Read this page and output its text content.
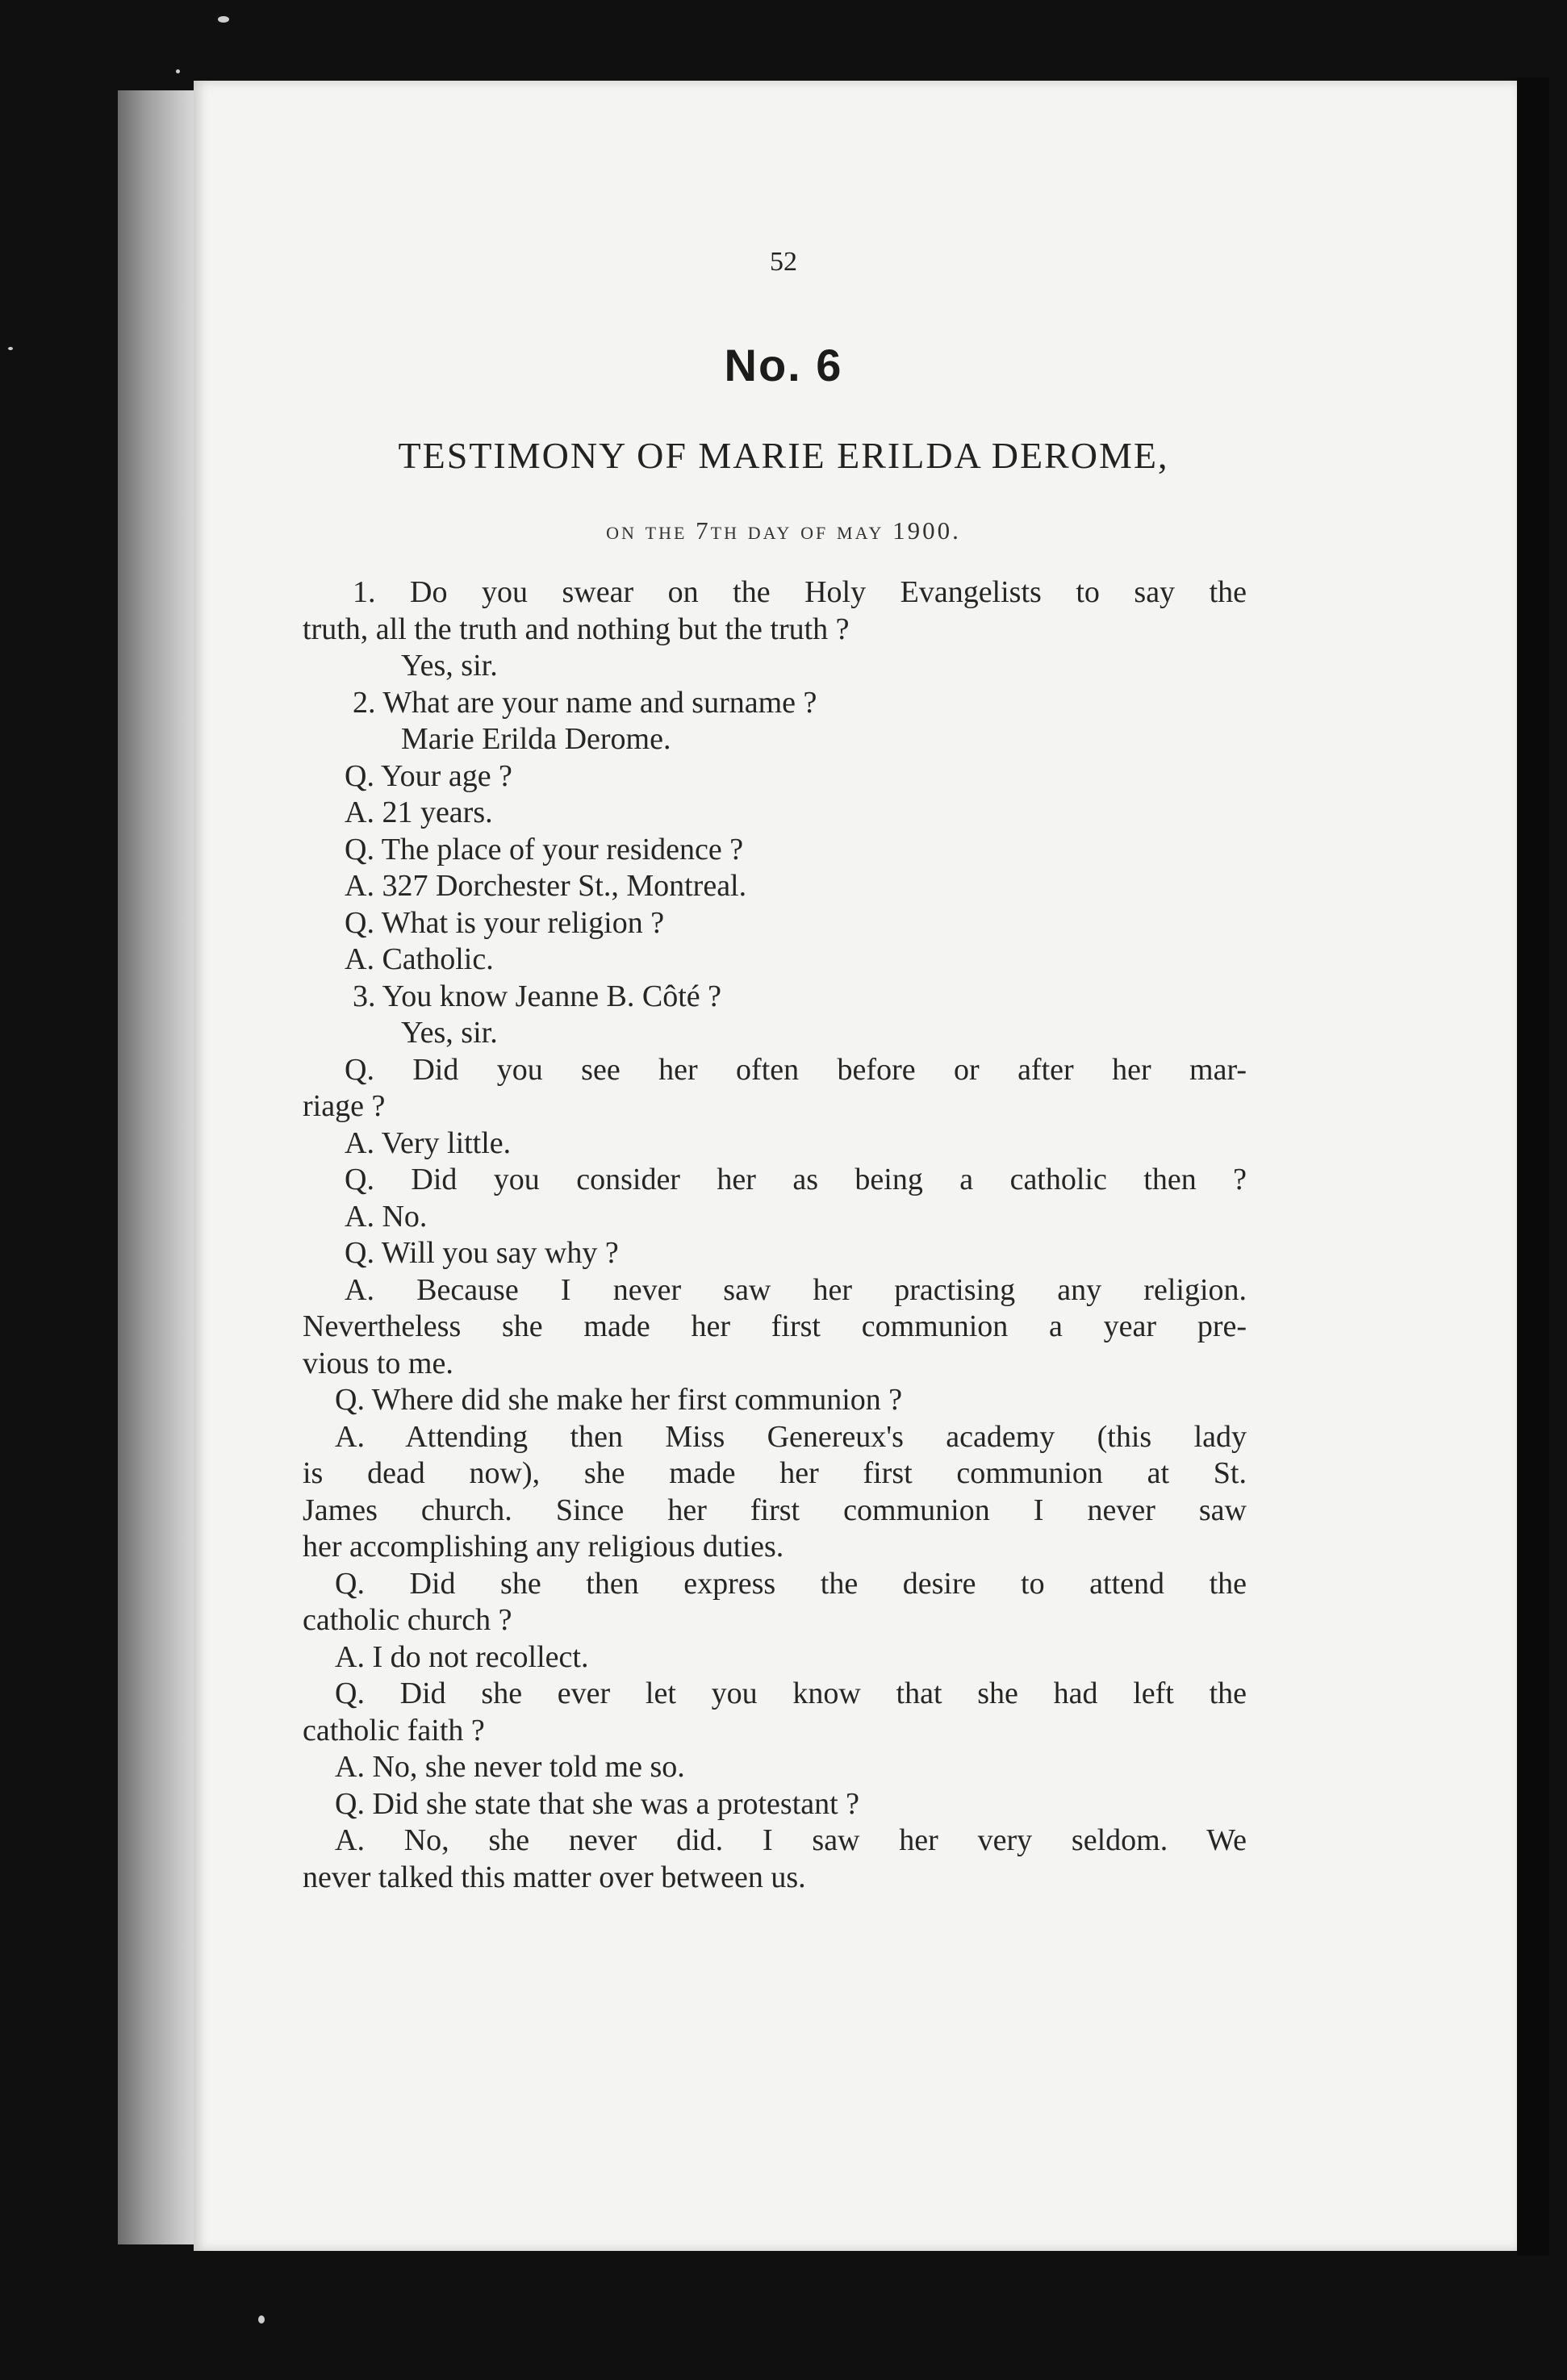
52
No. 6
TESTIMONY OF MARIE ERILDA DEROME,
on the 7th day of may 1900.
1. Do you swear on the Holy Evangelists to say the
truth, all the truth and nothing but the truth ?
Yes, sir.
2. What are your name and surname ?
Marie Erilda Derome.
Q. Your age ?
A. 21 years.
Q. The place of your residence ?
A. 327 Dorchester St., Montreal.
Q. What is your religion ?
A. Catholic.
3. You know Jeanne B. Côté ?
Yes, sir.
Q. Did you see her often before or after her mar-
riage ?
A. Very little.
Q. Did you consider her as being a catholic then ?
A. No.
Q. Will you say why ?
A. Because I never saw her practising any religion.
Nevertheless she made her first communion a year pre-
vious to me.
Q. Where did she make her first communion ?
A. Attending then Miss Genereux's academy (this lady
is dead now), she made her first communion at St.
James church. Since her first communion I never saw
her accomplishing any religious duties.
Q. Did she then express the desire to attend the
catholic church ?
A. I do not recollect.
Q. Did she ever let you know that she had left the
catholic faith ?
A. No, she never told me so.
Q. Did she state that she was a protestant ?
A. No, she never did. I saw her very seldom. We
never talked this matter over between us.
